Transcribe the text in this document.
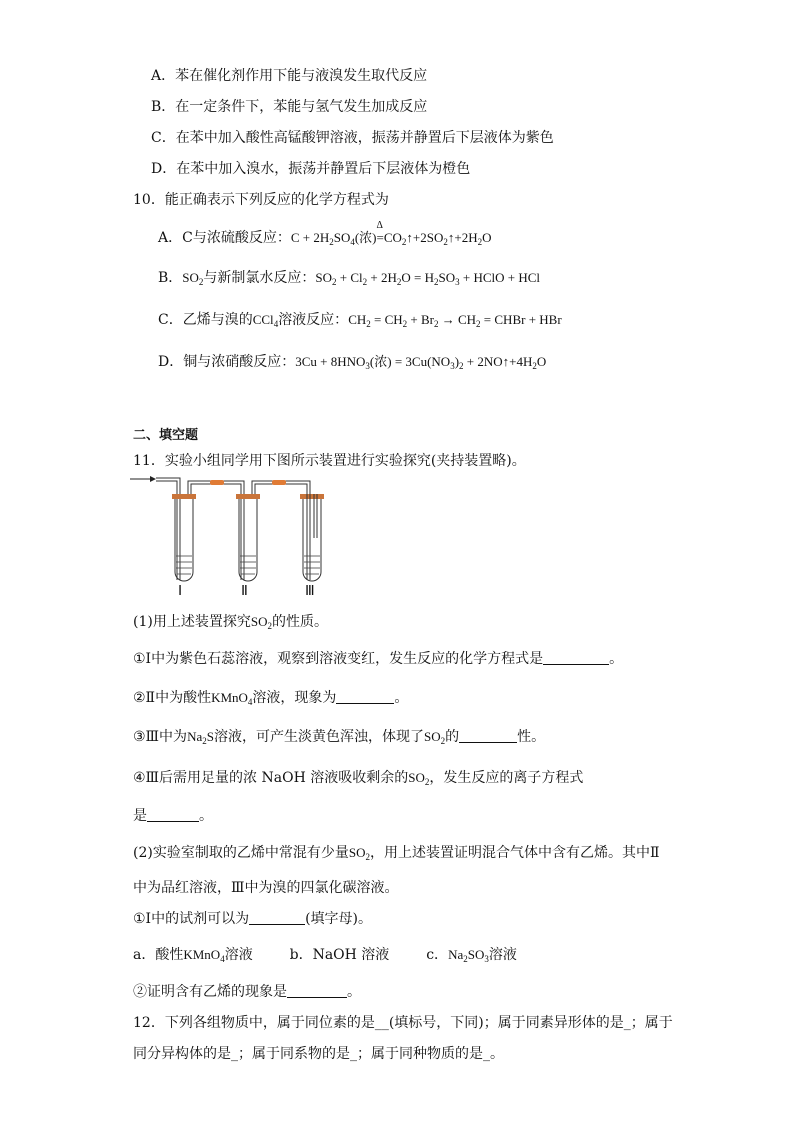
A．苯在催化剂作用下能与液溴发生取代反应
B．在一定条件下，苯能与氢气发生加成反应
C．在苯中加入酸性高锰酸钾溶液，振荡并静置后下层液体为紫色
D．在苯中加入溴水，振荡并静置后下层液体为橙色
10．能正确表示下列反应的化学方程式为
A．C与浓硫酸反应：$C + 2H_2SO_4$(浓)=
Δ
$CO_2↑+2SO_2↑+2H_2O$
B．$SO_2$与新制氯水反应：$SO_2 + Cl_2 + 2H_2O = H_2SO_3$ + HClO + HCl
C．乙烯与溴的CCl$_4$溶液反应：$CH_2 = CH_2 + Br_2 \to CH_2$ = CHBr + HBr
D．铜与浓硝酸反应：$3Cu + 8HNO_3$(浓) = $3Cu(NO_3)_2$ + $2NO↑+4H_2O$
二、填空题
11．实验小组同学用下图所示装置进行实验探究(夹持装置略)。
Ⅰ	Ⅱ	Ⅲ
(1)用上述装置探究$SO_2$的性质。
①Ⅰ中为紫色石蕊溶液，观察到溶液变红，发生反应的化学方程式是	。
②Ⅱ中为酸性KMnO$_4$溶液，现象为	。
③Ⅲ中为$Na_2S$溶液，可产生淡黄色浑浊，体现了$SO_2$的	性。
④Ⅲ后需用足量的浓 NaOH 溶液吸收剩余的$SO_2$，发生反应的离子方程式
是	。
(2)实验室制取的乙烯中常混有少量$SO_2$，用上述装置证明混合气体中含有乙烯。其中Ⅱ
中为品红溶液，Ⅲ中为溴的四氯化碳溶液。
①Ⅰ中的试剂可以为	(填字母)。
a．酸性KMnO$_4$溶液	b．NaOH 溶液	c．$Na_2SO_3$溶液
②证明含有乙烯的现象是	。
12．下列各组物质中，属于同位素的是__(填标号，下同)；属于同素异形体的是_；属于
同分异构体的是_；属于同系物的是_；属于同种物质的是_。
